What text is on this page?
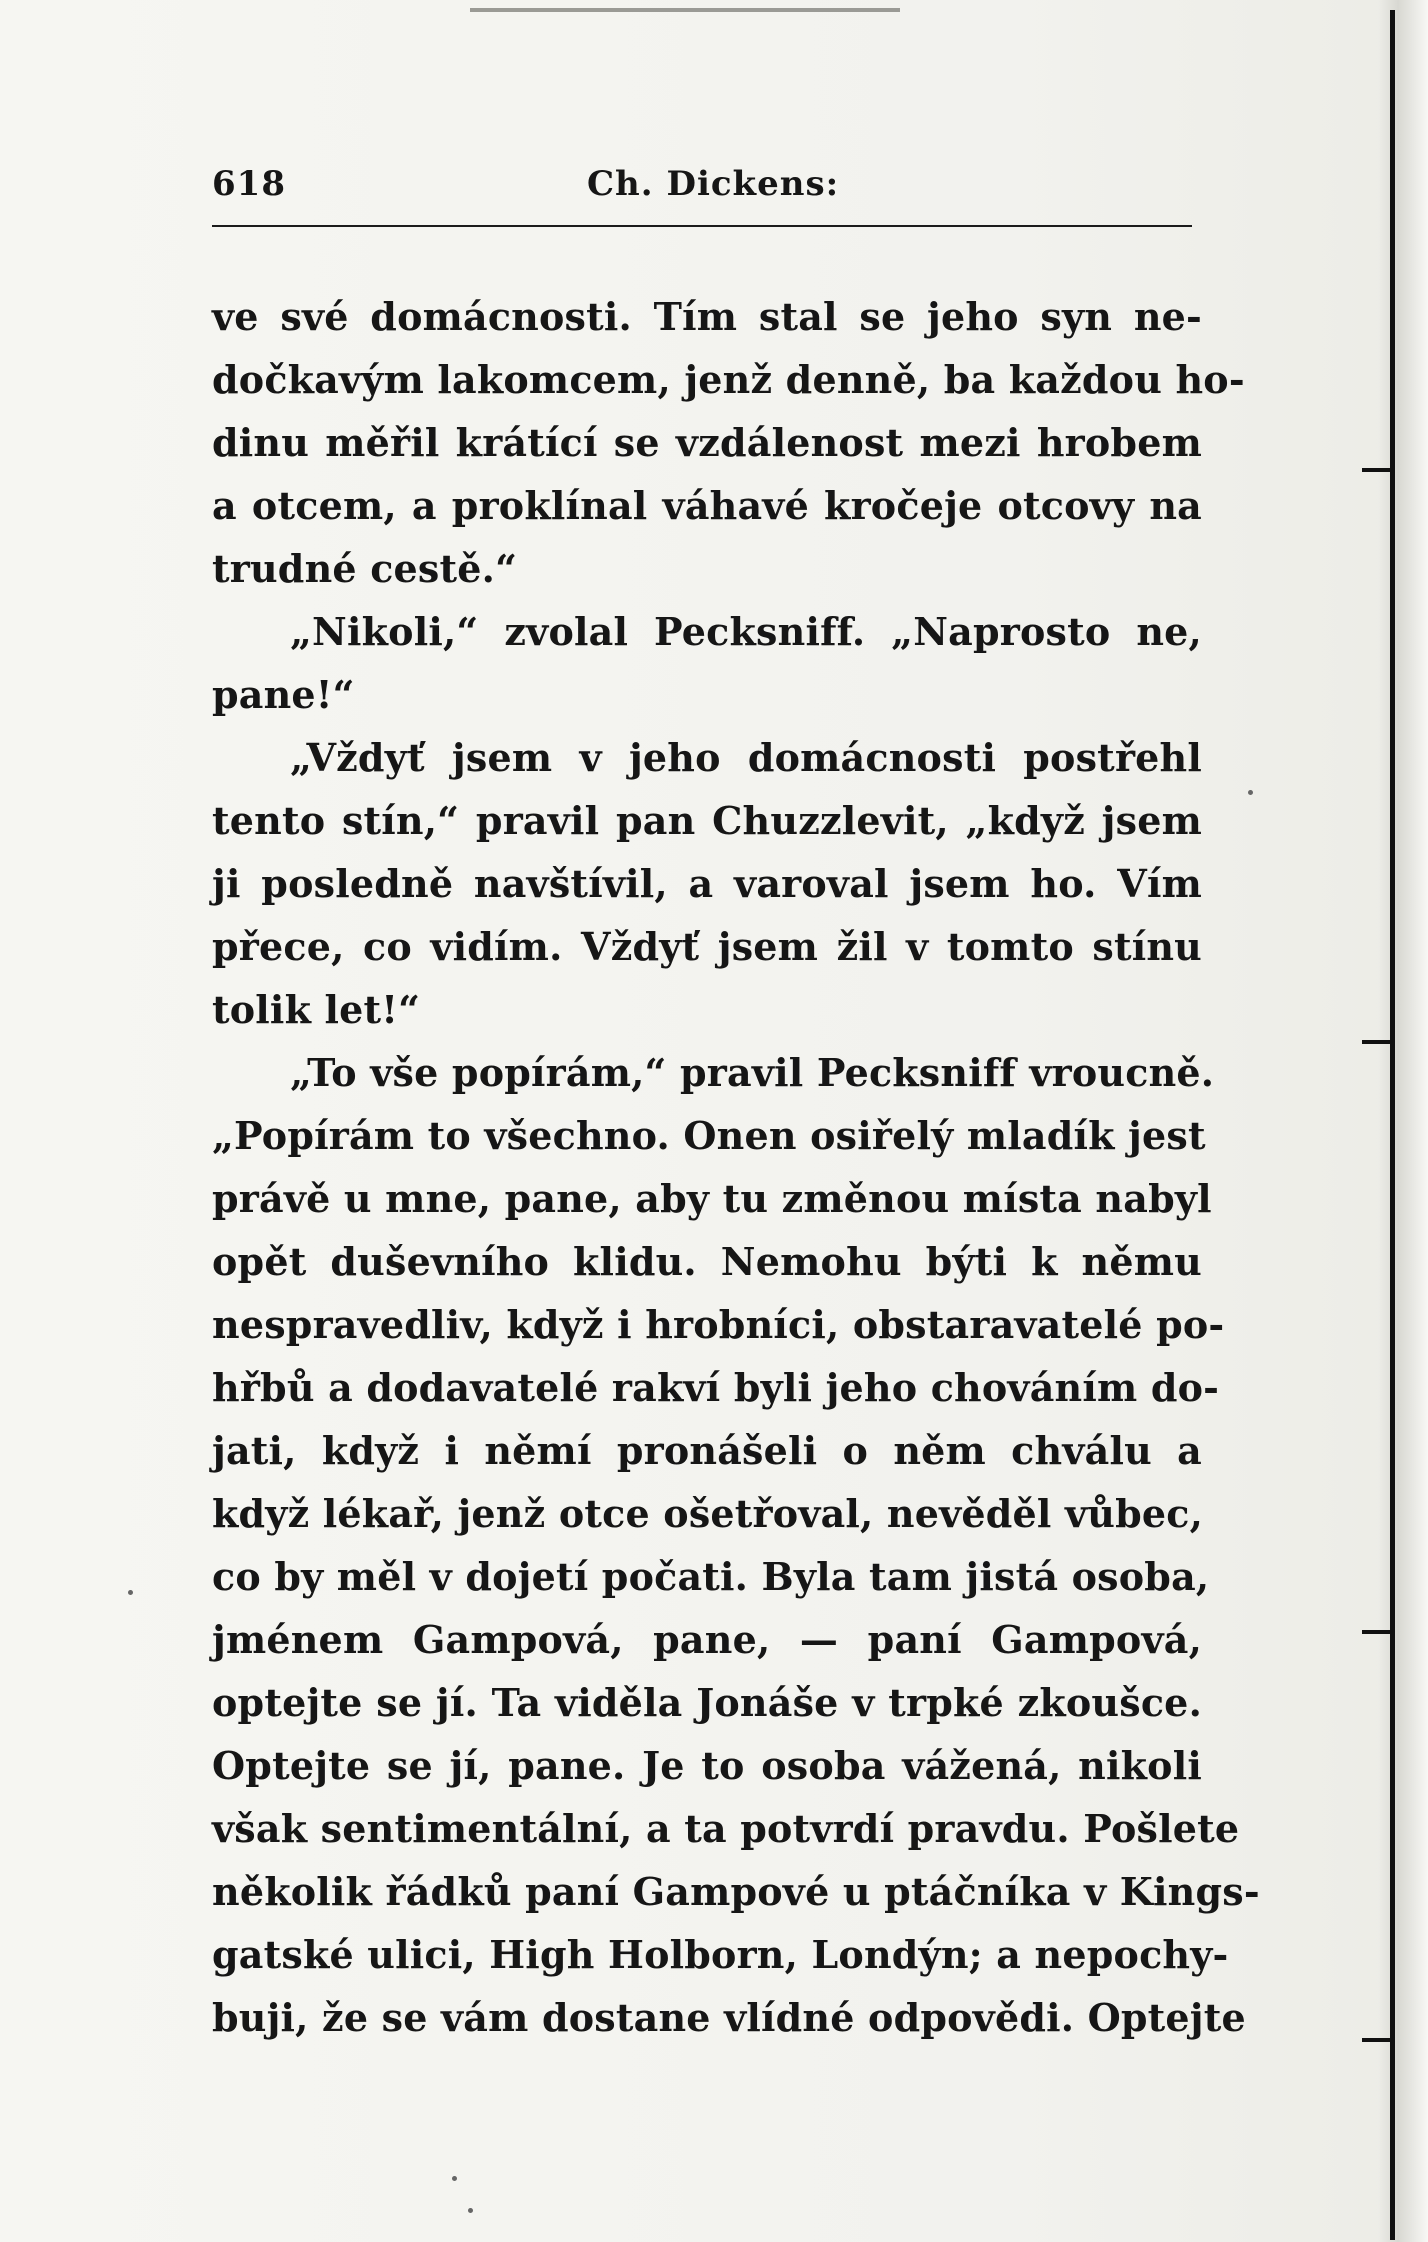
618	Ch. Dickens:
ve své domácnosti. Tím stal se jeho syn ne-
dočkavým lakomcem, jenž denně, ba každou ho-
dinu měřil krátící se vzdálenost mezi hrobem
a otcem, a proklínal váhavé kročeje otcovy na
trudné cestě.“
„Nikoli,“ zvolal Pecksniff. „Naprosto ne,
pane!“
„Vždyť jsem v jeho domácnosti postřehl
tento stín,“ pravil pan Chuzzlevit, „když jsem
ji posledně navštívil, a varoval jsem ho. Vím
přece, co vidím. Vždyť jsem žil v tomto stínu
tolik let!“
„To vše popírám,“ pravil Pecksniff vroucně.
„Popírám to všechno. Onen osiřelý mladík jest
právě u mne, pane, aby tu změnou místa nabyl
opět duševního klidu. Nemohu býti k němu
nespravedliv, když i hrobníci, obstaravatelé po-
hřbů a dodavatelé rakví byli jeho chováním do-
jati, když i němí pronášeli o něm chválu a
když lékař, jenž otce ošetřoval, nevěděl vůbec,
co by měl v dojetí počati. Byla tam jistá osoba,
jménem Gampová, pane, — paní Gampová,
optejte se jí. Ta viděla Jonáše v trpké zkoušce.
Optejte se jí, pane. Je to osoba vážená, nikoli
však sentimentální, a ta potvrdí pravdu. Pošlete
několik řádků paní Gampové u ptáčníka v Kings-
gatské ulici, High Holborn, Londýn; a nepochy-
buji, že se vám dostane vlídné odpovědi. Optejte
